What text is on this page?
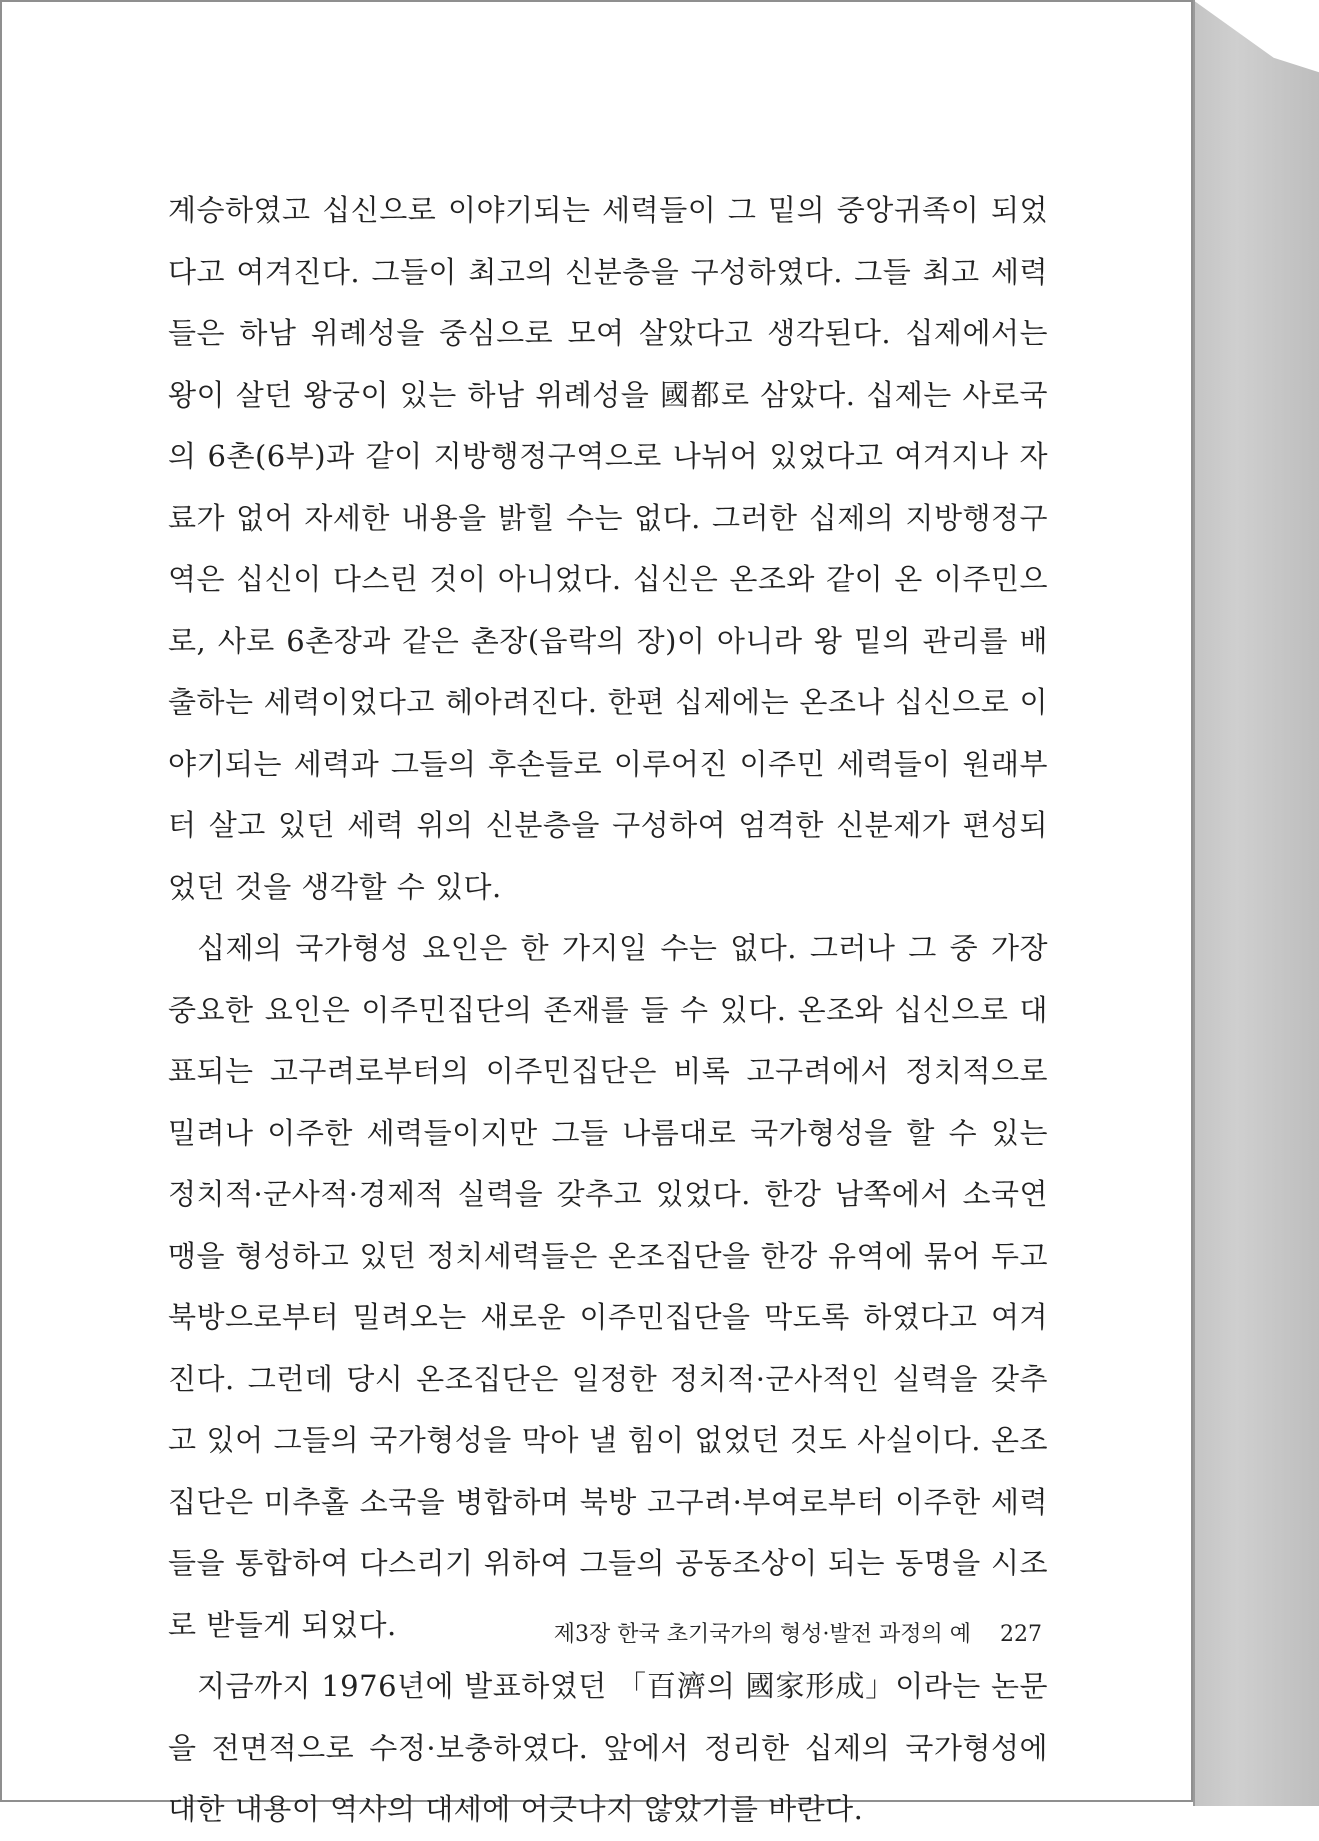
계승하였고 십신으로 이야기되는 세력들이 그 밑의 중앙귀족이 되었다고 여겨진다. 그들이 최고의 신분층을 구성하였다. 그들 최고 세력들은 하남 위례성을 중심으로 모여 살았다고 생각된다. 십제에서는 왕이 살던 왕궁이 있는 하남 위례성을 國都로 삼았다. 십제는 사로국의 6촌(6부)과 같이 지방행정구역으로 나뉘어 있었다고 여겨지나 자료가 없어 자세한 내용을 밝힐 수는 없다. 그러한 십제의 지방행정구역은 십신이 다스린 것이 아니었다. 십신은 온조와 같이 온 이주민으로, 사로 6촌장과 같은 촌장(읍락의 장)이 아니라 왕 밑의 관리를 배출하는 세력이었다고 헤아려진다. 한편 십제에는 온조나 십신으로 이야기되는 세력과 그들의 후손들로 이루어진 이주민 세력들이 원래부터 살고 있던 세력 위의 신분층을 구성하여 엄격한 신분제가 편성되었던 것을 생각할 수 있다.

십제의 국가형성 요인은 한 가지일 수는 없다. 그러나 그 중 가장 중요한 요인은 이주민집단의 존재를 들 수 있다. 온조와 십신으로 대표되는 고구려로부터의 이주민집단은 비록 고구려에서 정치적으로 밀려나 이주한 세력들이지만 그들 나름대로 국가형성을 할 수 있는 정치적·군사적·경제적 실력을 갖추고 있었다. 한강 남쪽에서 소국연맹을 형성하고 있던 정치세력들은 온조집단을 한강 유역에 묶어 두고 북방으로부터 밀려오는 새로운 이주민집단을 막도록 하였다고 여겨진다. 그런데 당시 온조집단은 일정한 정치적·군사적인 실력을 갖추고 있어 그들의 국가형성을 막아 낼 힘이 없었던 것도 사실이다. 온조집단은 미추홀 소국을 병합하며 북방 고구려·부여로부터 이주한 세력들을 통합하여 다스리기 위하여 그들의 공동조상이 되는 동명을 시조로 받들게 되었다.

지금까지 1976년에 발표하였던 「百濟의 國家形成」이라는 논문을 전면적으로 수정·보충하였다. 앞에서 정리한 십제의 국가형성에 대한 내용이 역사의 대세에 어긋나지 않았기를 바란다.

제3장 한국 초기국가의 형성·발전 과정의 예 227
